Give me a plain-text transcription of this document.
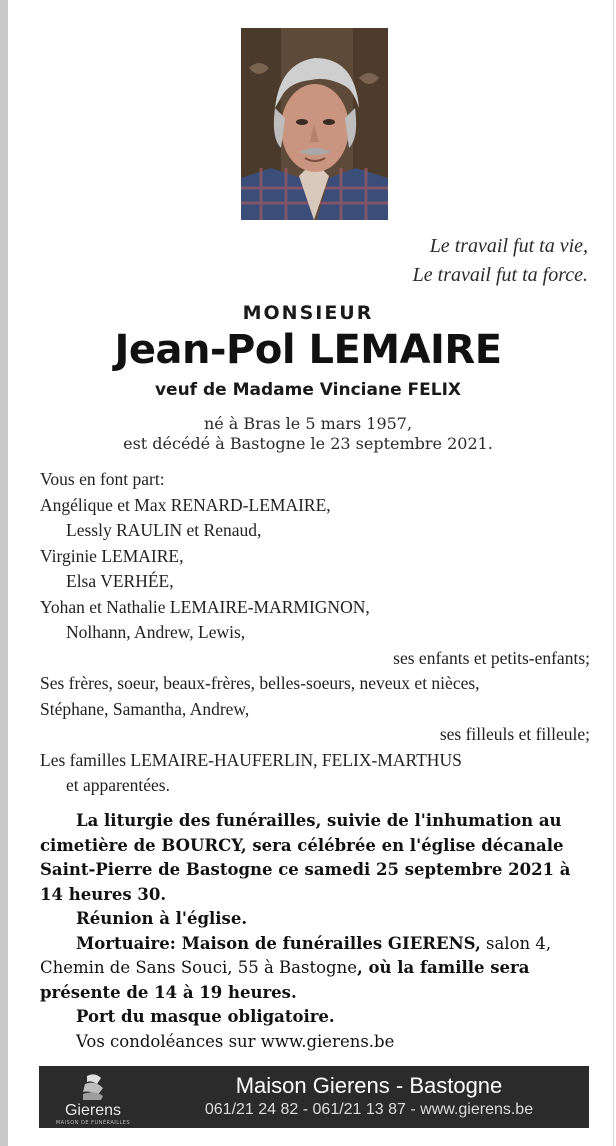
Le travail fut ta vie,
Le travail fut ta force.
MONSIEUR
Jean-Pol LEMAIRE
veuf de Madame Vinciane FELIX
né à Bras le 5 mars 1957,
est décédé à Bastogne le 23 septembre 2021.
Vous en font part:
Angélique et Max RENARD-LEMAIRE,
Lessly RAULIN et Renaud,
Virginie LEMAIRE,
Elsa VERHÉE,
Yohan et Nathalie LEMAIRE-MARMIGNON,
Nolhann, Andrew, Lewis,
ses enfants et petits-enfants;
Ses frères, soeur, beaux-frères, belles-soeurs, neveux et nièces,
Stéphane, Samantha, Andrew,
ses filleuls et filleule;
Les familles LEMAIRE-HAUFERLIN, FELIX-MARTHUS
et apparentées.
La liturgie des funérailles, suivie de l'inhumation au cimetière de BOURCY, sera célébrée en l'église décanale Saint-Pierre de Bastogne ce samedi 25 septembre 2021 à 14 heures 30.
Réunion à l'église.
Mortuaire: Maison de funérailles GIERENS, salon 4, Chemin de Sans Souci, 55 à Bastogne, où la famille sera présente de 14 à 19 heures.
Port du masque obligatoire.
Vos condoléances sur www.gierens.be
Gierens
MAISON DE FUNÉRAILLES
Maison Gierens - Bastogne
061/21 24 82 - 061/21 13 87 - www.gierens.be
